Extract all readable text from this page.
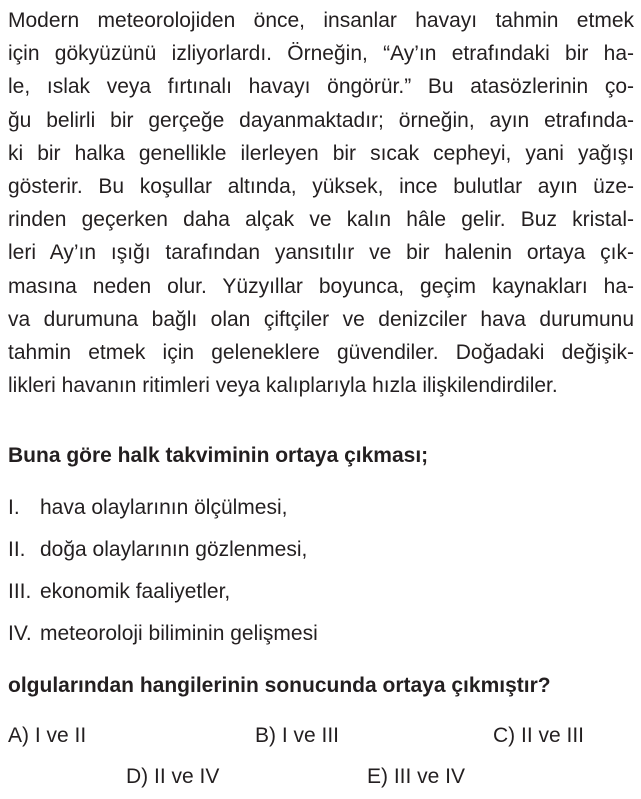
Modern meteorolojiden önce, insanlar havayı tahmin etmek
için gökyüzünü izliyorlardı. Örneğin, “Ay’ın etrafındaki bir ha-
le, ıslak veya fırtınalı havayı öngörür.” Bu atasözlerinin ço-
ğu belirli bir gerçeğe dayanmaktadır; örneğin, ayın etrafında-
ki bir halka genellikle ilerleyen bir sıcak cepheyi, yani yağışı
gösterir. Bu koşullar altında, yüksek, ince bulutlar ayın üze-
rinden geçerken daha alçak ve kalın hâle gelir. Buz kristal-
leri Ay’ın ışığı tarafından yansıtılır ve bir halenin ortaya çık-
masına neden olur. Yüzyıllar boyunca, geçim kaynakları ha-
va durumuna bağlı olan çiftçiler ve denizciler hava durumunu
tahmin etmek için geleneklere güvendiler. Doğadaki değişik-
likleri havanın ritimleri veya kalıplarıyla hızla ilişkilendirdiler.
Buna göre halk takviminin ortaya çıkması;
I. hava olaylarının ölçülmesi,
II. doğa olaylarının gözlenmesi,
III. ekonomik faaliyetler,
IV. meteoroloji biliminin gelişmesi
olgularından hangilerinin sonucunda ortaya çıkmıştır?
A) I ve II	B) I ve III	C) II ve III
D) II ve IV	E) III ve IV
